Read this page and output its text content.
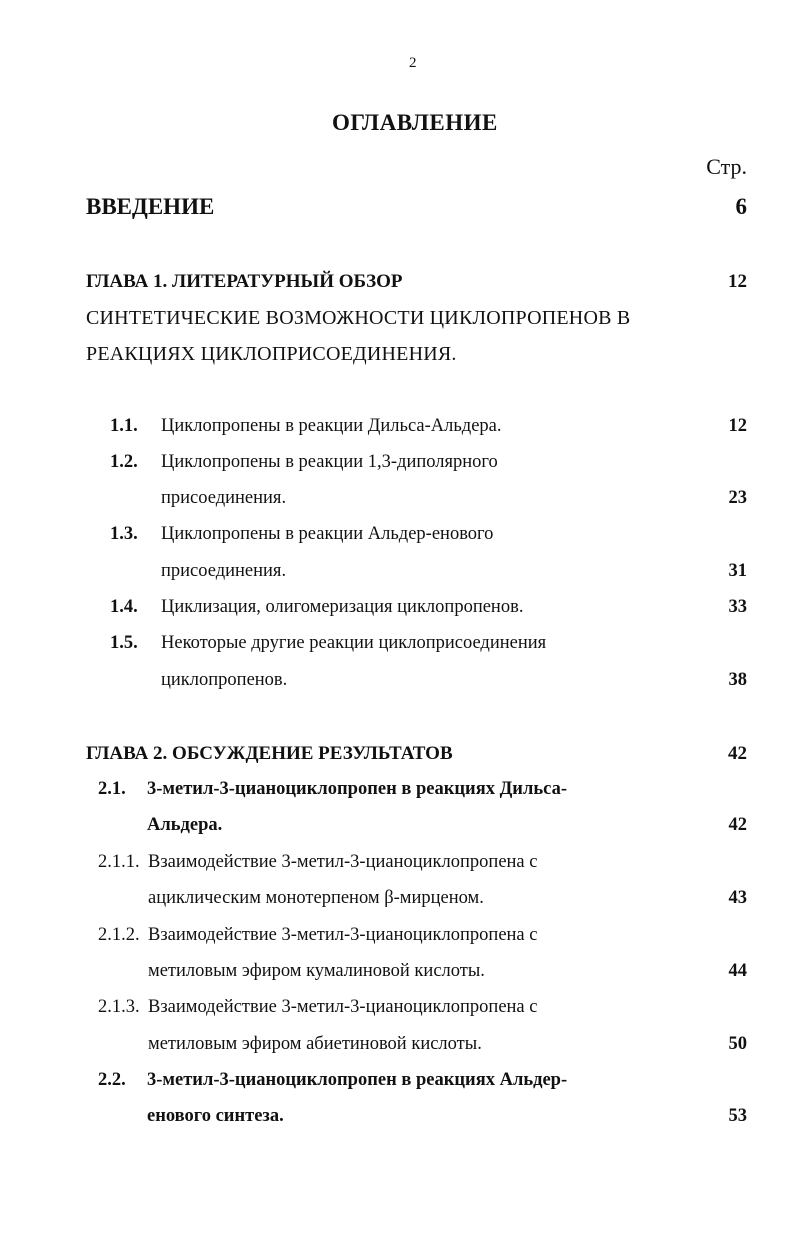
2
ОГЛАВЛЕНИЕ
Стр.
ВВЕДЕНИЕ	6
ГЛАВА 1. ЛИТЕРАТУРНЫЙ ОБЗОР	12
СИНТЕТИЧЕСКИЕ ВОЗМОЖНОСТИ ЦИКЛОПРОПЕНОВ В
РЕАКЦИЯХ ЦИКЛОПРИСОЕДИНЕНИЯ.
1.1. Циклопропены в реакции Дильса-Альдера.	12
1.2. Циклопропены в реакции 1,3-диполярного
присоединения.	23
1.3. Циклопропены в реакции Альдер-енового
присоединения.	31
1.4. Циклизация, олигомеризация циклопропенов.	33
1.5. Некоторые другие реакции циклоприсоединения
циклопропенов.	38
ГЛАВА 2. ОБСУЖДЕНИЕ РЕЗУЛЬТАТОВ	42
2.1. 3-метил-3-цианоциклопропен в реакциях Дильса-
Альдера.	42
2.1.1. Взаимодействие 3-метил-3-цианоциклопропена с
ациклическим монотерпеном β-мирценом.	43
2.1.2. Взаимодействие 3-метил-3-цианоциклопропена с
метиловым эфиром кумалиновой кислоты.	44
2.1.3. Взаимодействие 3-метил-3-цианоциклопропена с
метиловым эфиром абиетиновой кислоты.	50
2.2. 3-метил-3-цианоциклопропен в реакциях Альдер-
енового синтеза.	53
